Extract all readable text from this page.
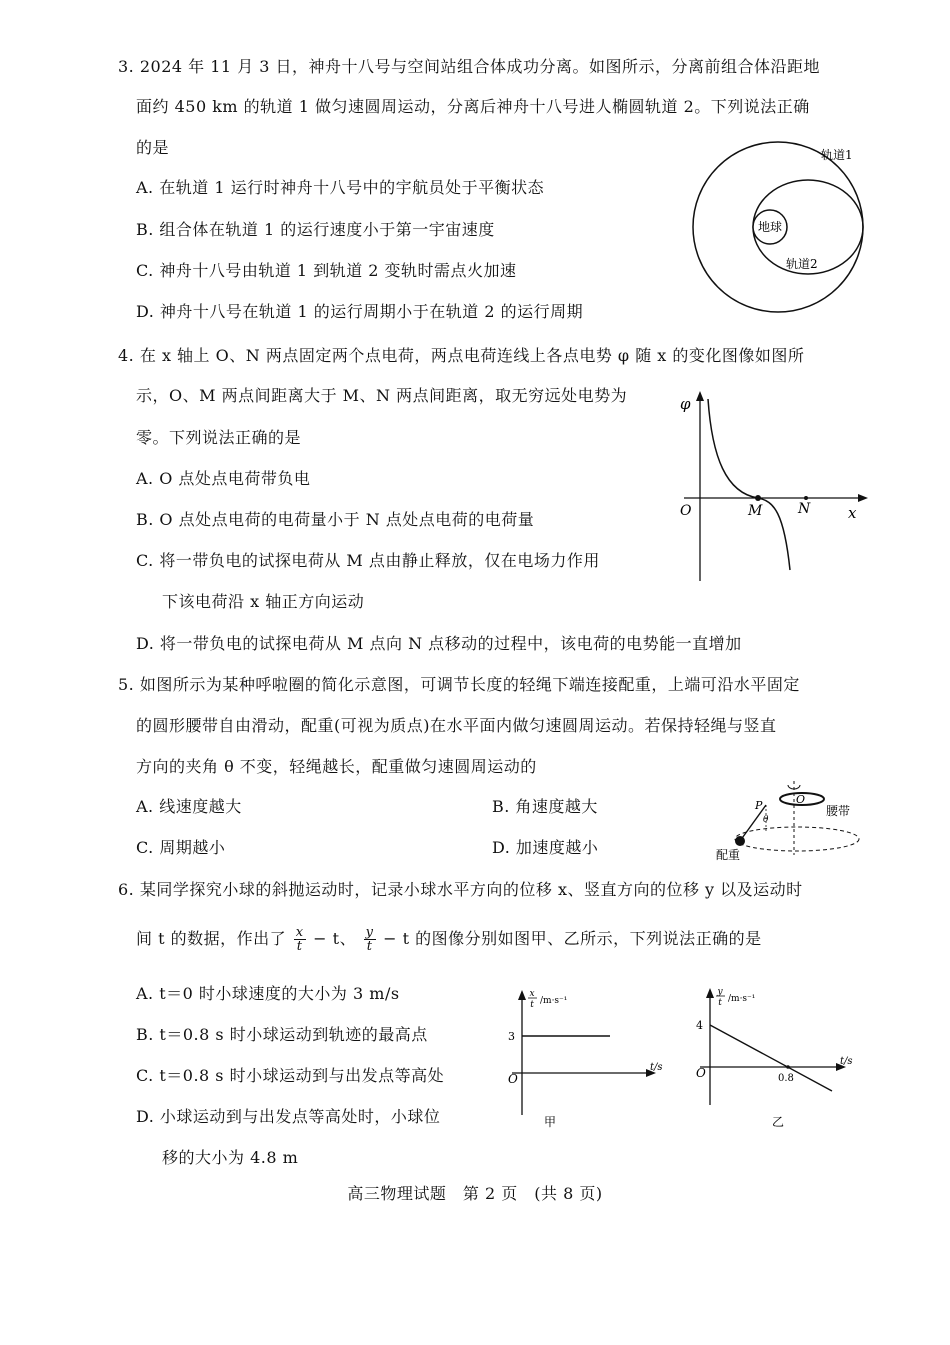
3. 2024 年 11 月 3 日，神舟十八号与空间站组合体成功分离。如图所示，分离前组合体沿距地
面约 450 km 的轨道 1 做匀速圆周运动，分离后神舟十八号进人椭圆轨道 2。下列说法正确
的是
A. 在轨道 1 运行时神舟十八号中的宇航员处于平衡状态
B. 组合体在轨道 1 的运行速度小于第一宇宙速度
C. 神舟十八号由轨道 1 到轨道 2 变轨时需点火加速
D. 神舟十八号在轨道 1 的运行周期小于在轨道 2 的运行周期
地球
轨道1
轨道2
4. 在 x 轴上 O、N 两点固定两个点电荷，两点电荷连线上各点电势 φ 随 x 的变化图像如图所
示，O、M 两点间距离大于 M、N 两点间距离，取无穷远处电势为
零。下列说法正确的是
A. O 点处点电荷带负电
B. O 点处点电荷的电荷量小于 N 点处点电荷的电荷量
C. 将一带负电的试探电荷从 M 点由静止释放，仅在电场力作用
下该电荷沿 x 轴正方向运动
D. 将一带负电的试探电荷从 M 点向 N 点移动的过程中，该电荷的电势能一直增加
φ
O	M	N	x
5. 如图所示为某种呼啦圈的简化示意图，可调节长度的轻绳下端连接配重，上端可沿水平固定
的圆形腰带自由滑动，配重(可视为质点)在水平面内做匀速圆周运动。若保持轻绳与竖直
方向的夹角 θ 不变，轻绳越长，配重做匀速圆周运动的
A. 线速度越大	B. 角速度越大
C. 周期越小	D. 加速度越小
O
P
θ
腰带
配重
6. 某同学探究小球的斜抛运动时，记录小球水平方向的位移 x、竖直方向的位移 y 以及运动时
间 t 的数据，作出了 $\frac{x}{t} - t$、 $\frac{y}{t} - t$ 的图像分别如图甲、乙所示，下列说法正确的是
A. t＝0 时小球速度的大小为 3 m/s
B. t＝0.8 s 时小球运动到轨迹的最高点
C. t＝0.8 s 时小球运动到与出发点等高处
D. 小球运动到与出发点等高处时，小球位
移的大小为 4.8 m
x
t /m·s⁻¹
3
O
t/s
甲
y
t /m·s⁻¹
4
O	0.8
t/s
乙
高三物理试题　第 2 页　(共 8 页)
